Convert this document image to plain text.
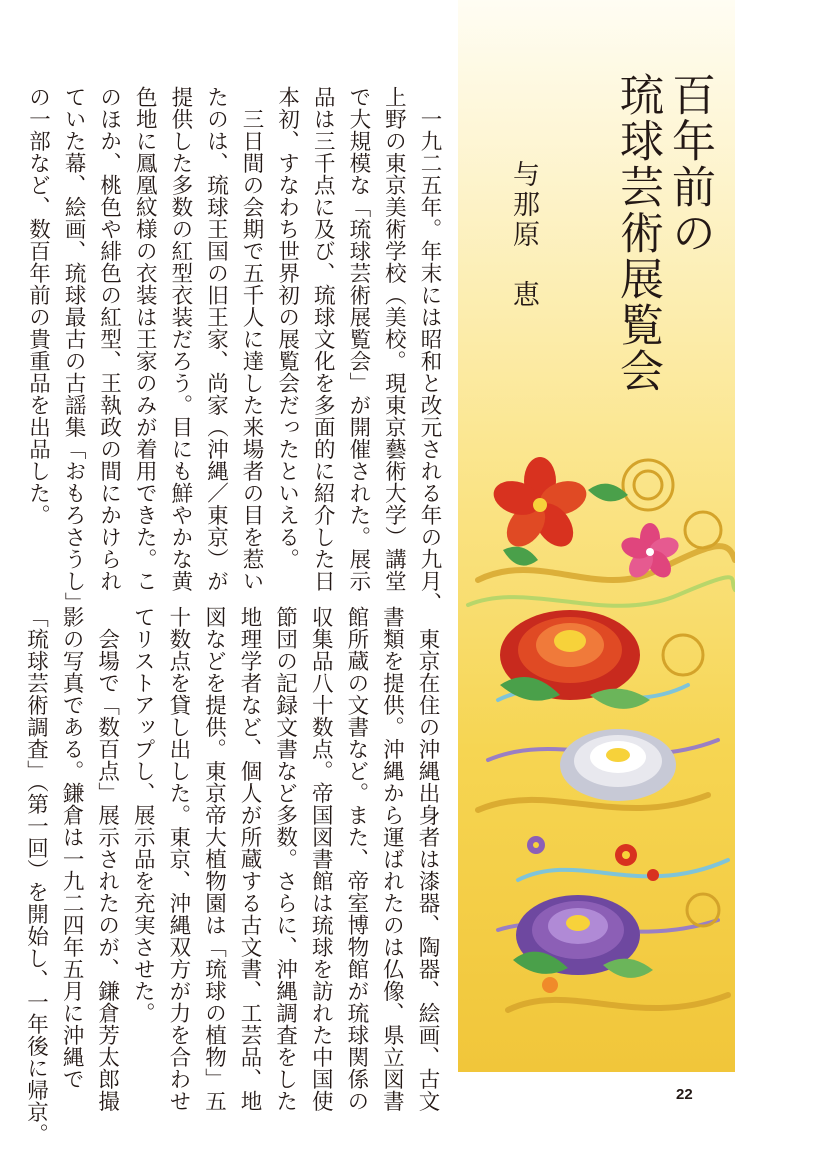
百年前の
琉球芸術展覧会
与那原　恵
　一九二五年。年末には昭和と改元される年の九月、
上野の東京美術学校（美校。現東京藝術大学）講堂
で大規模な「琉球芸術展覧会」が開催された。展示
品は三千点に及び、琉球文化を多面的に紹介した日
本初、すなわち世界初の展覧会だったといえる。
　三日間の会期で五千人に達した来場者の目を惹い
たのは、琉球王国の旧王家、尚家（沖縄／東京）が
提供した多数の紅型衣装だろう。目にも鮮やかな黄
色地に鳳凰紋様の衣装は王家のみが着用できた。こ
のほか、桃色や緋色の紅型、王執政の間にかけられ
ていた幕、絵画、琉球最古の古謡集「おもろさうし」
の一部など、数百年前の貴重品を出品した。
　東京在住の沖縄出身者は漆器、陶器、絵画、古文
書類を提供。沖縄から運ばれたのは仏像、県立図書
館所蔵の文書など。また、帝室博物館が琉球関係の
収集品八十数点。帝国図書館は琉球を訪れた中国使
節団の記録文書など多数。さらに、沖縄調査をした
地理学者など、個人が所蔵する古文書、工芸品、地
図などを提供。東京帝大植物園は「琉球の植物」五
十数点を貸し出した。東京、沖縄双方が力を合わせ
てリストアップし、展示品を充実させた。
　会場で「数百点」展示されたのが、鎌倉芳太郎撮
影の写真である。鎌倉は一九二四年五月に沖縄で
「琉球芸術調査」（第一回）を開始し、一年後に帰京。	22
